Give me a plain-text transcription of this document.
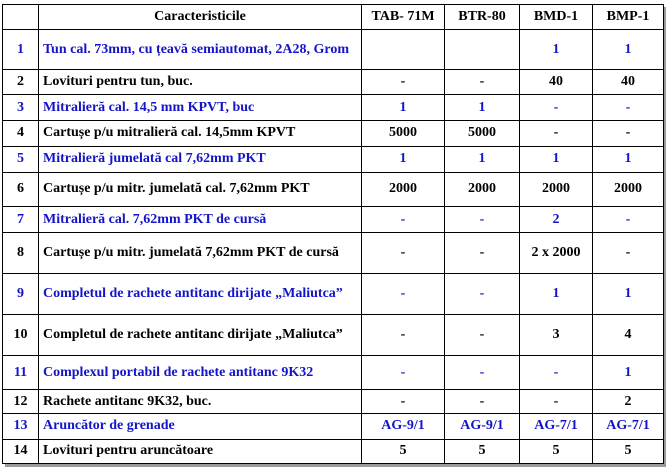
	Caracteristicile	TAB- 71M	BTR-80	BMD-1	BMP-1
1	Tun cal. 73mm, cu țeavă semiautomat, 2A28, Grom			1	1
2	Lovituri pentru tun, buc.	-	-	40	40
3	Mitralieră cal. 14,5 mm KPVT, buc	1	1	-	-
4	Cartușe p/u mitralieră cal. 14,5mm KPVT	5000	5000	-	-
5	Mitralieră jumelată cal 7,62mm PKT	1	1	1	1
6	Cartușe p/u mitr. jumelată cal. 7,62mm PKT	2000	2000	2000	2000
7	Mitralieră cal. 7,62mm PKT de cursă	-	-	2	-
8	Cartușe p/u mitr. jumelată 7,62mm PKT de cursă	-	-	2 x 2000	-
9	Completul de rachete antitanc dirijate „Maliutca”	-	-	1	1
10	Completul de rachete antitanc dirijate „Maliutca”	-	-	3	4
11	Complexul portabil de rachete antitanc 9K32	-	-	-	1
12	Rachete antitanc 9K32, buc.	-	-	-	2
13	Aruncător de grenade	AG-9/1	AG-9/1	AG-7/1	AG-7/1
14	Lovituri pentru aruncătoare	5	5	5	5
